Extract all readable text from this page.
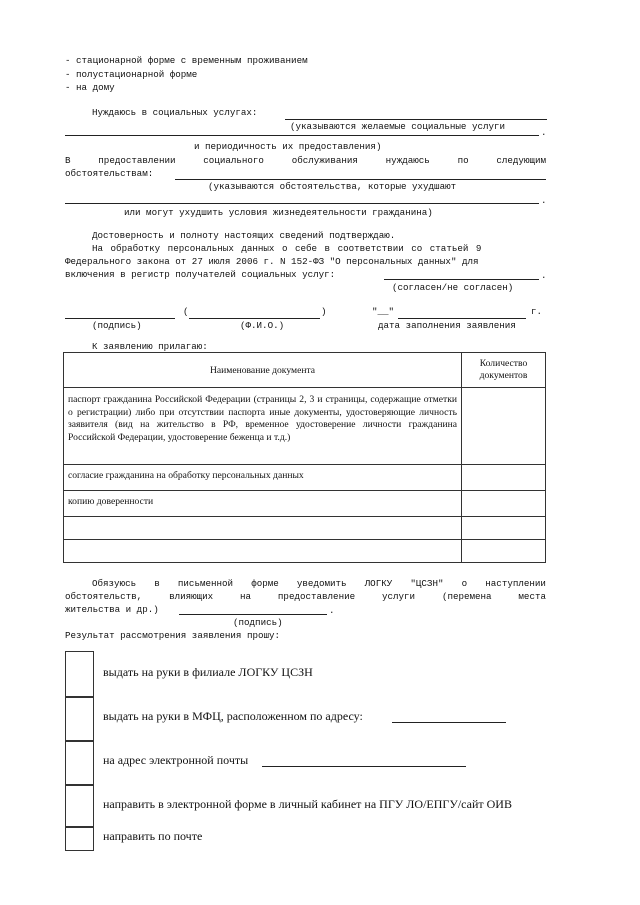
- стационарной форме с временным проживанием
- полустационарной форме
- на дому
Нуждаюсь в социальных услугах:
(указываются желаемые социальные услуги
.
и периодичность их предоставления)
В	предоставлении	социального	обслуживания	нуждаюсь	по	следующим
обстоятельствам:
(указываются обстоятельства, которые ухудшают
.
или могут ухудшить условия жизнедеятельности гражданина)
Достоверность и полноту настоящих сведений подтверждаю.
На обработку персональных данных о себе в соответствии со статьей 9
Федерального закона от 27 июля 2006 г. N 152-ФЗ "О персональных данных" для
включения в регистр получателей социальных услуг:	.
(согласен/не согласен)
(	)	"__"	г.
(подпись)	(Ф.И.О.)	дата заполнения заявления
К заявлению прилагаю:
Наименование документа	Количество документов
паспорт гражданина Российской Федерации (страницы 2, 3 и страницы, содержащие отметки о регистрации) либо при отсутствии паспорта иные документы, удостоверяющие личность заявителя (вид на жительство в РФ, временное удостоверение личности гражданина Российской Федерации, удостоверение беженца и т.д.)	
согласие гражданина на обработку персональных данных	
копию доверенности	

Обязуюсь в письменной форме уведомить ЛОГКУ "ЦСЗН" о наступлении
обстоятельств,	влияющих	на	предоставление	услуги	(перемена	места
жительства и др.)	.
(подпись)
Результат рассмотрения заявления прошу:
выдать на руки в филиале ЛОГКУ ЦСЗН
выдать на руки в МФЦ, расположенном по адресу:
на адрес электронной почты
направить в электронной форме в личный кабинет на ПГУ ЛО/ЕПГУ/сайт ОИВ
направить по почте
